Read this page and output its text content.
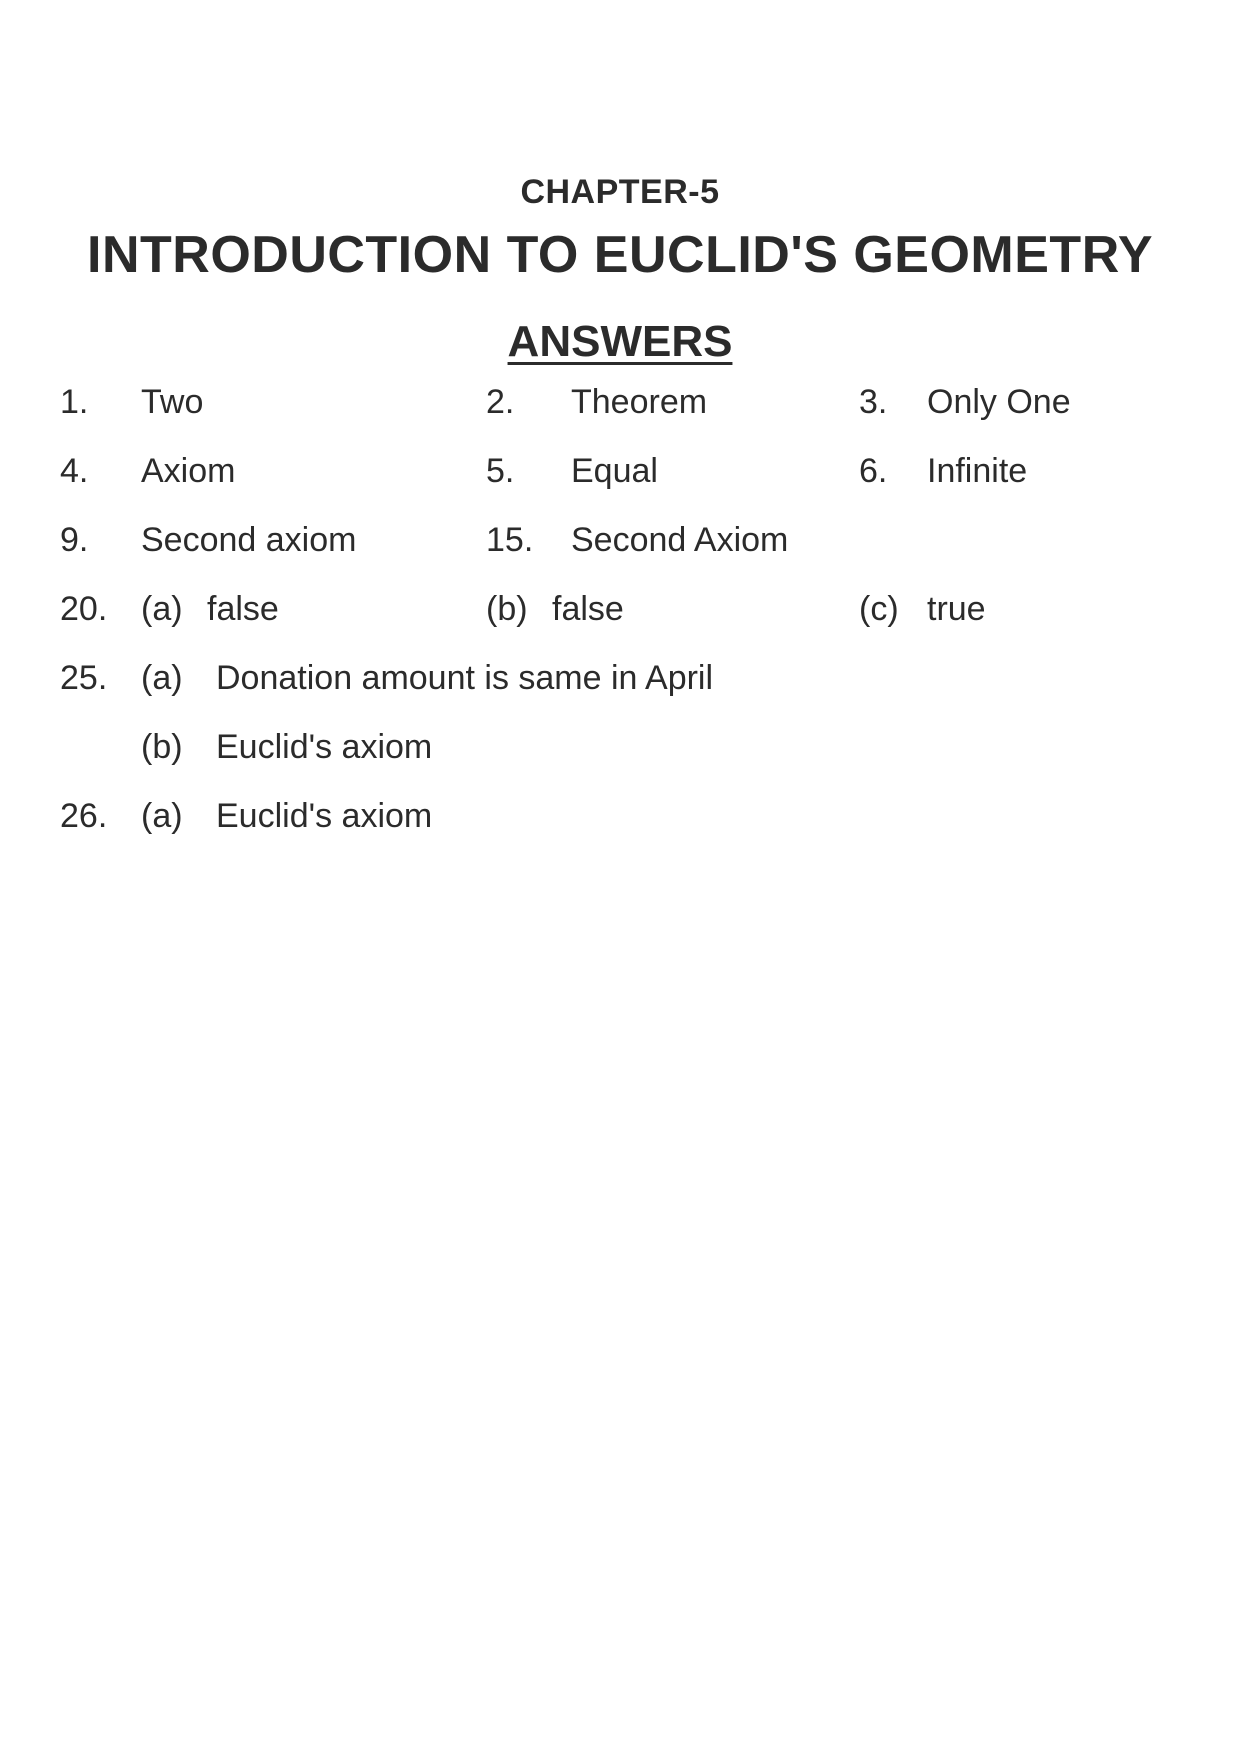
CHAPTER-5
INTRODUCTION TO EUCLID'S GEOMETRY
ANSWERS
1. Two	2. Theorem	3. Only One
4. Axiom	5. Equal	6. Infinite
9. Second axiom	15. Second Axiom
20. (a) false	(b) false	(c) true
25. (a) Donation amount is same in April
(b) Euclid's axiom
26. (a) Euclid's axiom
